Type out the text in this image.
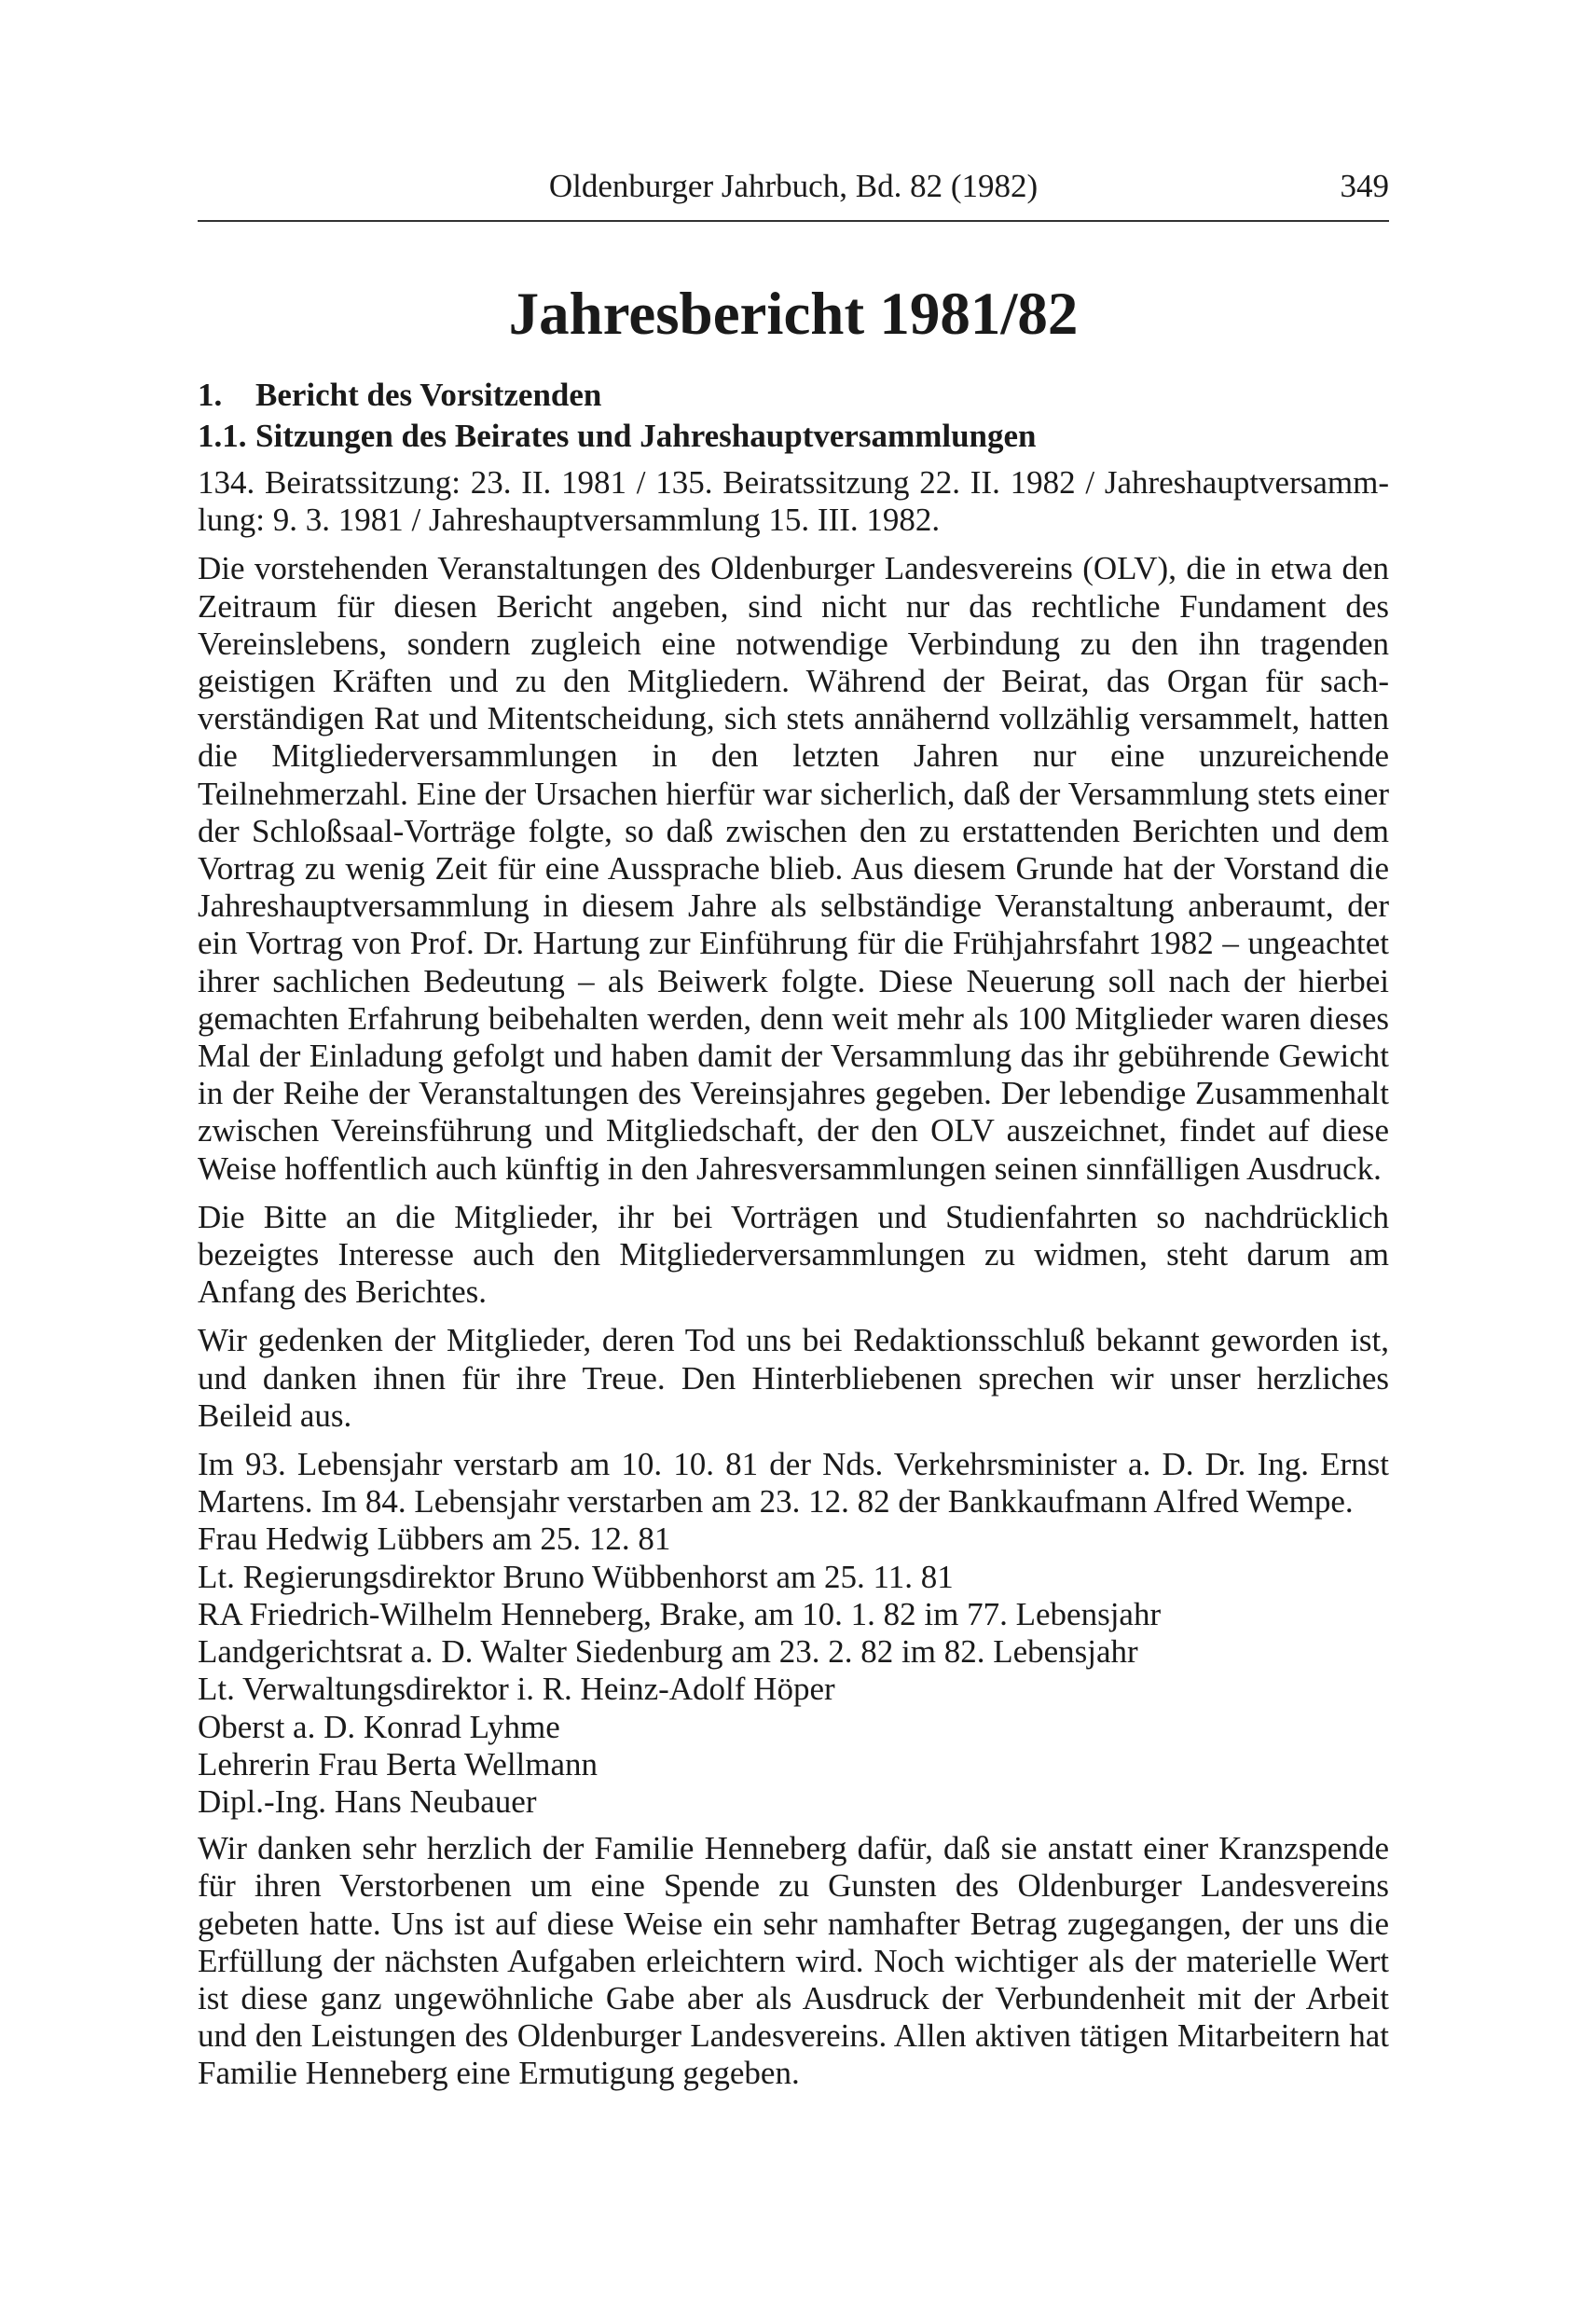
Oldenburger Jahrbuch, Bd. 82 (1982)	349
Jahresbericht 1981/82
1. Bericht des Vorsitzenden
1.1. Sitzungen des Beirates und Jahreshauptversammlungen

134. Beiratssitzung: 23. II. 1981 / 135. Beiratssitzung 22. II. 1982 / Jahreshauptversammlung: 9. 3. 1981 / Jahreshauptversammlung 15. III. 1982.

Die vorstehenden Veranstaltungen des Oldenburger Landesvereins (OLV), die in etwa den Zeitraum für diesen Bericht angeben, sind nicht nur das rechtliche Fundament des Vereinslebens, sondern zugleich eine notwendige Verbindung zu den ihn tragenden geistigen Kräften und zu den Mitgliedern. Während der Beirat, das Organ für sachverständigen Rat und Mitentscheidung, sich stets annähernd vollzählig versammelt, hatten die Mitgliederversammlungen in den letzten Jahren nur eine unzureichende Teilnehmerzahl. Eine der Ursachen hierfür war sicherlich, daß der Versammlung stets einer der Schloßsaal-Vorträge folgte, so daß zwischen den zu erstattenden Berichten und dem Vortrag zu wenig Zeit für eine Aussprache blieb. Aus diesem Grunde hat der Vorstand die Jahreshauptversammlung in diesem Jahre als selbständige Veranstaltung anberaumt, der ein Vortrag von Prof. Dr. Hartung zur Einführung für die Frühjahrsfahrt 1982 – ungeachtet ihrer sachlichen Bedeutung – als Beiwerk folgte. Diese Neuerung soll nach der hierbei gemachten Erfahrung beibehalten werden, denn weit mehr als 100 Mitglieder waren dieses Mal der Einladung gefolgt und haben damit der Versammlung das ihr gebührende Gewicht in der Reihe der Veranstaltungen des Vereinsjahres gegeben. Der lebendige Zusammenhalt zwischen Vereinsführung und Mitgliedschaft, der den OLV auszeichnet, findet auf diese Weise hoffentlich auch künftig in den Jahresversammlungen seinen sinnfälligen Ausdruck.

Die Bitte an die Mitglieder, ihr bei Vorträgen und Studienfahrten so nachdrücklich bezeigtes Interesse auch den Mitgliederversammlungen zu widmen, steht darum am Anfang des Berichtes.

Wir gedenken der Mitglieder, deren Tod uns bei Redaktionsschluß bekannt geworden ist, und danken ihnen für ihre Treue. Den Hinterbliebenen sprechen wir unser herzliches Beileid aus.

Im 93. Lebensjahr verstarb am 10. 10. 81 der Nds. Verkehrsminister a. D. Dr. Ing. Ernst Martens. Im 84. Lebensjahr verstarben am 23. 12. 82 der Bankkaufmann Alfred Wempe.

Frau Hedwig Lübbers am 25. 12. 81
Lt. Regierungsdirektor Bruno Wübbenhorst am 25. 11. 81
RA Friedrich-Wilhelm Henneberg, Brake, am 10. 1. 82 im 77. Lebensjahr
Landgerichtsrat a. D. Walter Siedenburg am 23. 2. 82 im 82. Lebensjahr
Lt. Verwaltungsdirektor i. R. Heinz-Adolf Höper
Oberst a. D. Konrad Lyhme
Lehrerin Frau Berta Wellmann
Dipl.-Ing. Hans Neubauer

Wir danken sehr herzlich der Familie Henneberg dafür, daß sie anstatt einer Kranzspende für ihren Verstorbenen um eine Spende zu Gunsten des Oldenburger Landesvereins gebeten hatte. Uns ist auf diese Weise ein sehr namhafter Betrag zugegangen, der uns die Erfüllung der nächsten Aufgaben erleichtern wird. Noch wichtiger als der materielle Wert ist diese ganz ungewöhnliche Gabe aber als Ausdruck der Verbundenheit mit der Arbeit und den Leistungen des Oldenburger Landesvereins. Allen aktiven tätigen Mitarbeitern hat Familie Henneberg eine Ermutigung gegeben.
